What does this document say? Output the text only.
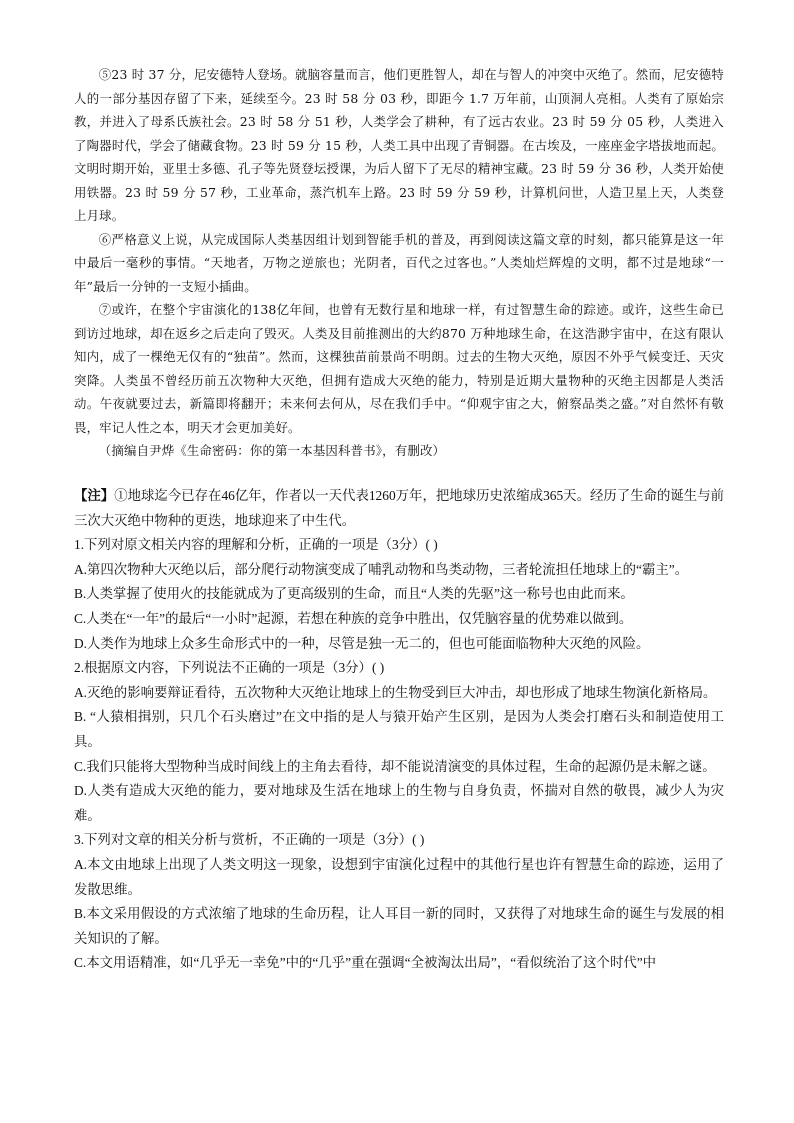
⑤23 时 37 分，尼安德特人登场。就脑容量而言，他们更胜智人，却在与智人的冲突中灭绝了。然而，尼安德特人的一部分基因存留了下来，延续至今。23 时 58 分 03 秒，即距今 1.7 万年前，山顶洞人亮相。人类有了原始宗教，并进入了母系氏族社会。23 时 58 分 51 秒，人类学会了耕种，有了远古农业。23 时 59 分 05 秒，人类进入了陶器时代，学会了储藏食物。23 时 59 分 15 秒，人类工具中出现了青铜器。在古埃及，一座座金字塔拔地而起。文明时期开始，亚里士多德、孔子等先贤登坛授课，为后人留下了无尽的精神宝藏。23 时 59 分 36 秒，人类开始使用铁器。23 时 59 分 57 秒，工业革命，蒸汽机车上路。23 时 59 分 59 秒，计算机问世，人造卫星上天，人类登上月球。

⑥严格意义上说，从完成国际人类基因组计划到智能手机的普及，再到阅读这篇文章的时刻，都只能算是这一年中最后一毫秒的事情。“天地者，万物之逆旅也；光阴者，百代之过客也。”人类灿烂辉煌的文明，都不过是地球“一年”最后一分钟的一支短小插曲。

⑦或许，在整个宇宙演化的138亿年间，也曾有无数行星和地球一样，有过智慧生命的踪迹。或许，这些生命已到访过地球，却在返乡之后走向了毁灭。人类及目前推测出的大约870 万种地球生命，在这浩渺宇宙中，在这有限认知内，成了一棵绝无仅有的“独苗”。然而，这棵独苗前景尚不明朗。过去的生物大灭绝，原因不外乎气候变迁、天灾突降。人类虽不曾经历前五次物种大灭绝，但拥有造成大灭绝的能力，特别是近期大量物种的灭绝主因都是人类活动。午夜就要过去，新篇即将翻开；未来何去何从，尽在我们手中。“仰观宇宙之大，俯察品类之盛。”对自然怀有敬畏，牢记人性之本，明天才会更加美好。

（摘编自尹烨《生命密码：你的第一本基因科普书》，有删改）

【注】①地球迄今已存在46亿年，作者以一天代表1260万年，把地球历史浓缩成365天。经历了生命的诞生与前三次大灭绝中物种的更迭，地球迎来了中生代。

1.下列对原文相关内容的理解和分析，正确的一项是（3分）( )

A.第四次物种大灭绝以后，部分爬行动物演变成了哺乳动物和鸟类动物，三者轮流担任地球上的“霸主”。

B.人类掌握了使用火的技能就成为了更高级别的生命，而且“人类的先驱”这一称号也由此而来。

C.人类在“一年”的最后“一小时”起源，若想在种族的竞争中胜出，仅凭脑容量的优势难以做到。

D.人类作为地球上众多生命形式中的一种，尽管是独一无二的，但也可能面临物种大灭绝的风险。

2.根据原文内容，下列说法不正确的一项是（3分）( )

A.灭绝的影响要辩证看待，五次物种大灭绝让地球上的生物受到巨大冲击，却也形成了地球生物演化新格局。

B. “人猿相揖别，只几个石头磨过”在文中指的是人与猿开始产生区别，是因为人类会打磨石头和制造使用工具。

C.我们只能将大型物种当成时间线上的主角去看待，却不能说清演变的具体过程，生命的起源仍是未解之谜。

D.人类有造成大灭绝的能力，要对地球及生活在地球上的生物与自身负责，怀揣对自然的敬畏，减少人为灾难。

3.下列对文章的相关分析与赏析，不正确的一项是（3分）( )

A.本文由地球上出现了人类文明这一现象，设想到宇宙演化过程中的其他行星也许有智慧生命的踪迹，运用了发散思维。

B.本文采用假设的方式浓缩了地球的生命历程，让人耳目一新的同时，又获得了对地球生命的诞生与发展的相关知识的了解。

C.本文用语精准，如“几乎无一幸免”中的“几乎”重在强调“全被淘汰出局”，“看似统治了这个时代”中
